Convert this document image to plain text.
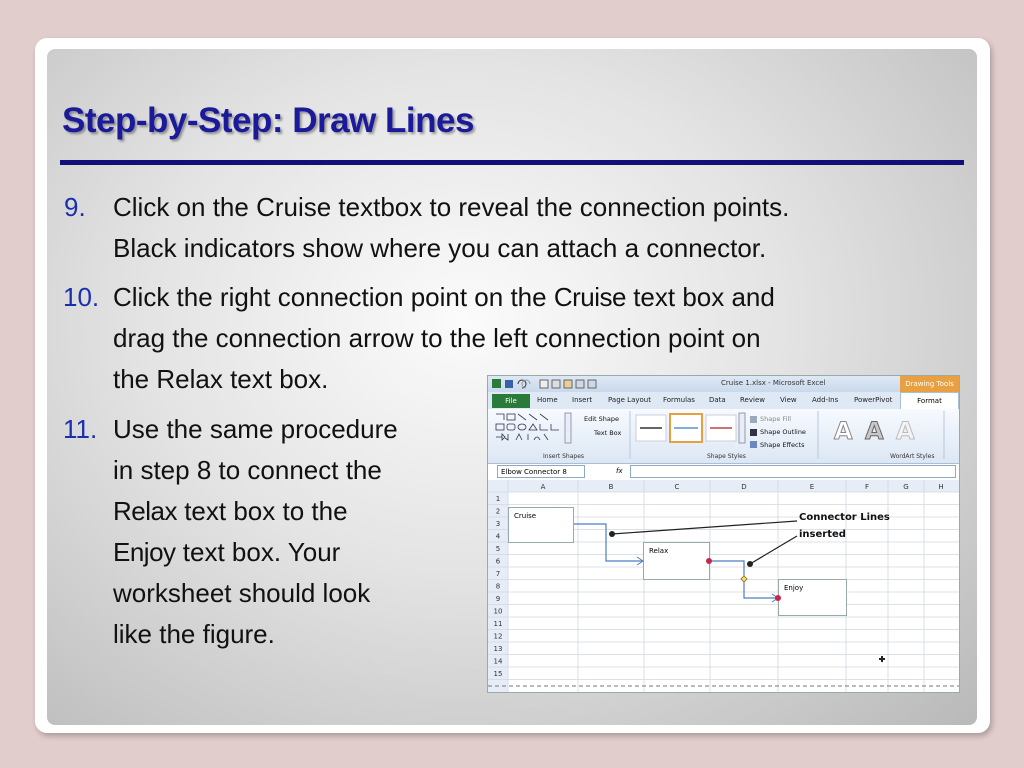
Step-by-Step: Draw Lines
9. Click on the Cruise textbox to reveal the connection points.
Black indicators show where you can attach a connector.
10. Click the right connection point on the Cruise text box and
drag the connection arrow to the left connection point on
the Relax text box.
11. Use the same procedure
in step 8 to connect the
Relax text box to the
Enjoy text box. Your
worksheet should look
like the figure.
Cruise 1.xlsx - Microsoft Excel	Drawing Tools
File	Home Insert Page Layout Formulas Data Review View Add-Ins PowerPivot	Format
Edit Shape
Text Box
Insert Shapes
Shape Fill
Shape Outline
Shape Effects
Shape Styles
A A A
WordArt Styles
Elbow Connector 8	fx
A	B	C	D	E	F	G	H
1
2
3
4
5
6
7
8
9
10
11
12
13
14
15
Cruise
Relax
Enjoy
Connector Lines
inserted
